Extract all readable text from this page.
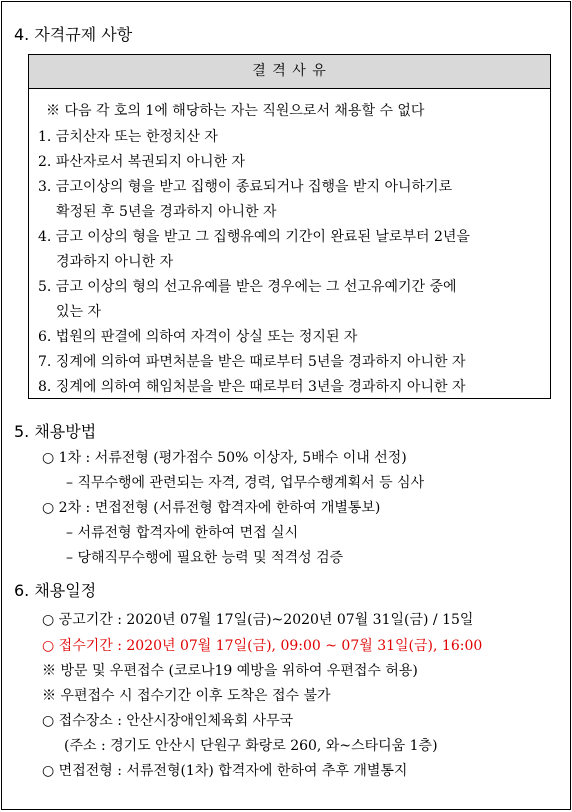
4. 자격규제 사항
결 격 사 유
※ 다음 각 호의 1에 해당하는 자는 직원으로서 채용할 수 없다
1. 금치산자 또는 한정치산 자
2. 파산자로서 복권되지 아니한 자
3. 금고이상의 형을 받고 집행이 종료되거나 집행을 받지 아니하기로
확정된 후 5년을 경과하지 아니한 자
4. 금고 이상의 형을 받고 그 집행유예의 기간이 완료된 날로부터 2년을
경과하지 아니한 자
5. 금고 이상의 형의 선고유예를 받은 경우에는 그 선고유예기간 중에
있는 자
6. 법원의 판결에 의하여 자격이 상실 또는 정지된 자
7. 징계에 의하여 파면처분을 받은 때로부터 5년을 경과하지 아니한 자
8. 징계에 의하여 해임처분을 받은 때로부터 3년을 경과하지 아니한 자
5. 채용방법
○ 1차 : 서류전형 (평가점수 50% 이상자, 5배수 이내 선정)
– 직무수행에 관련되는 자격, 경력, 업무수행계획서 등 심사
○ 2차 : 면접전형 (서류전형 합격자에 한하여 개별통보)
– 서류전형 합격자에 한하여 면접 실시
– 당해직무수행에 필요한 능력 및 적격성 검증
6. 채용일정
○ 공고기간 : 2020년 07월 17일(금)~2020년 07월 31일(금) / 15일
○ 접수기간 : 2020년 07월 17일(금), 09:00 ~ 07월 31일(금), 16:00
※ 방문 및 우편접수 (코로나19 예방을 위하여 우편접수 허용)
※ 우편접수 시 접수기간 이후 도착은 접수 불가
○ 접수장소 : 안산시장애인체육회 사무국
(주소 : 경기도 안산시 단원구 화랑로 260, 와~스타디움 1층)
○ 면접전형 : 서류전형(1차) 합격자에 한하여 추후 개별통지
